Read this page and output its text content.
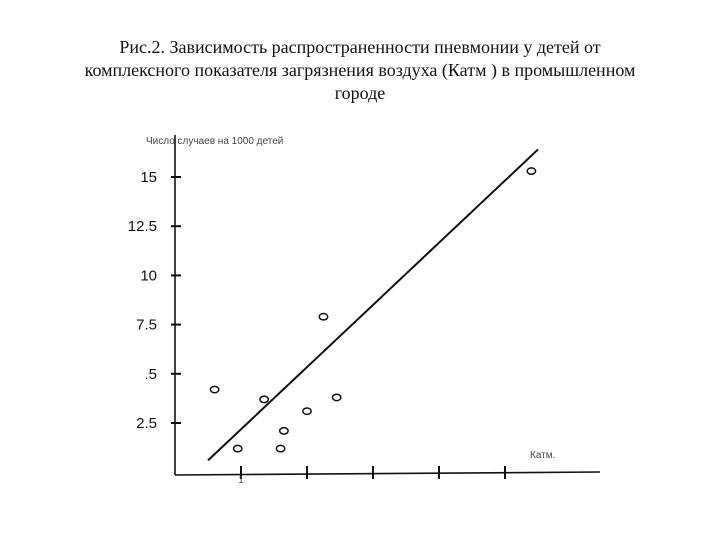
Рис.2. Зависимость распространенности пневмонии у детей от
комплексного показателя загрязнения воздуха (Катм ) в промышленном
городе
2.5
.5
7.5
10
12.5
15
1
Число случаев на 1000 детей
Катм.
